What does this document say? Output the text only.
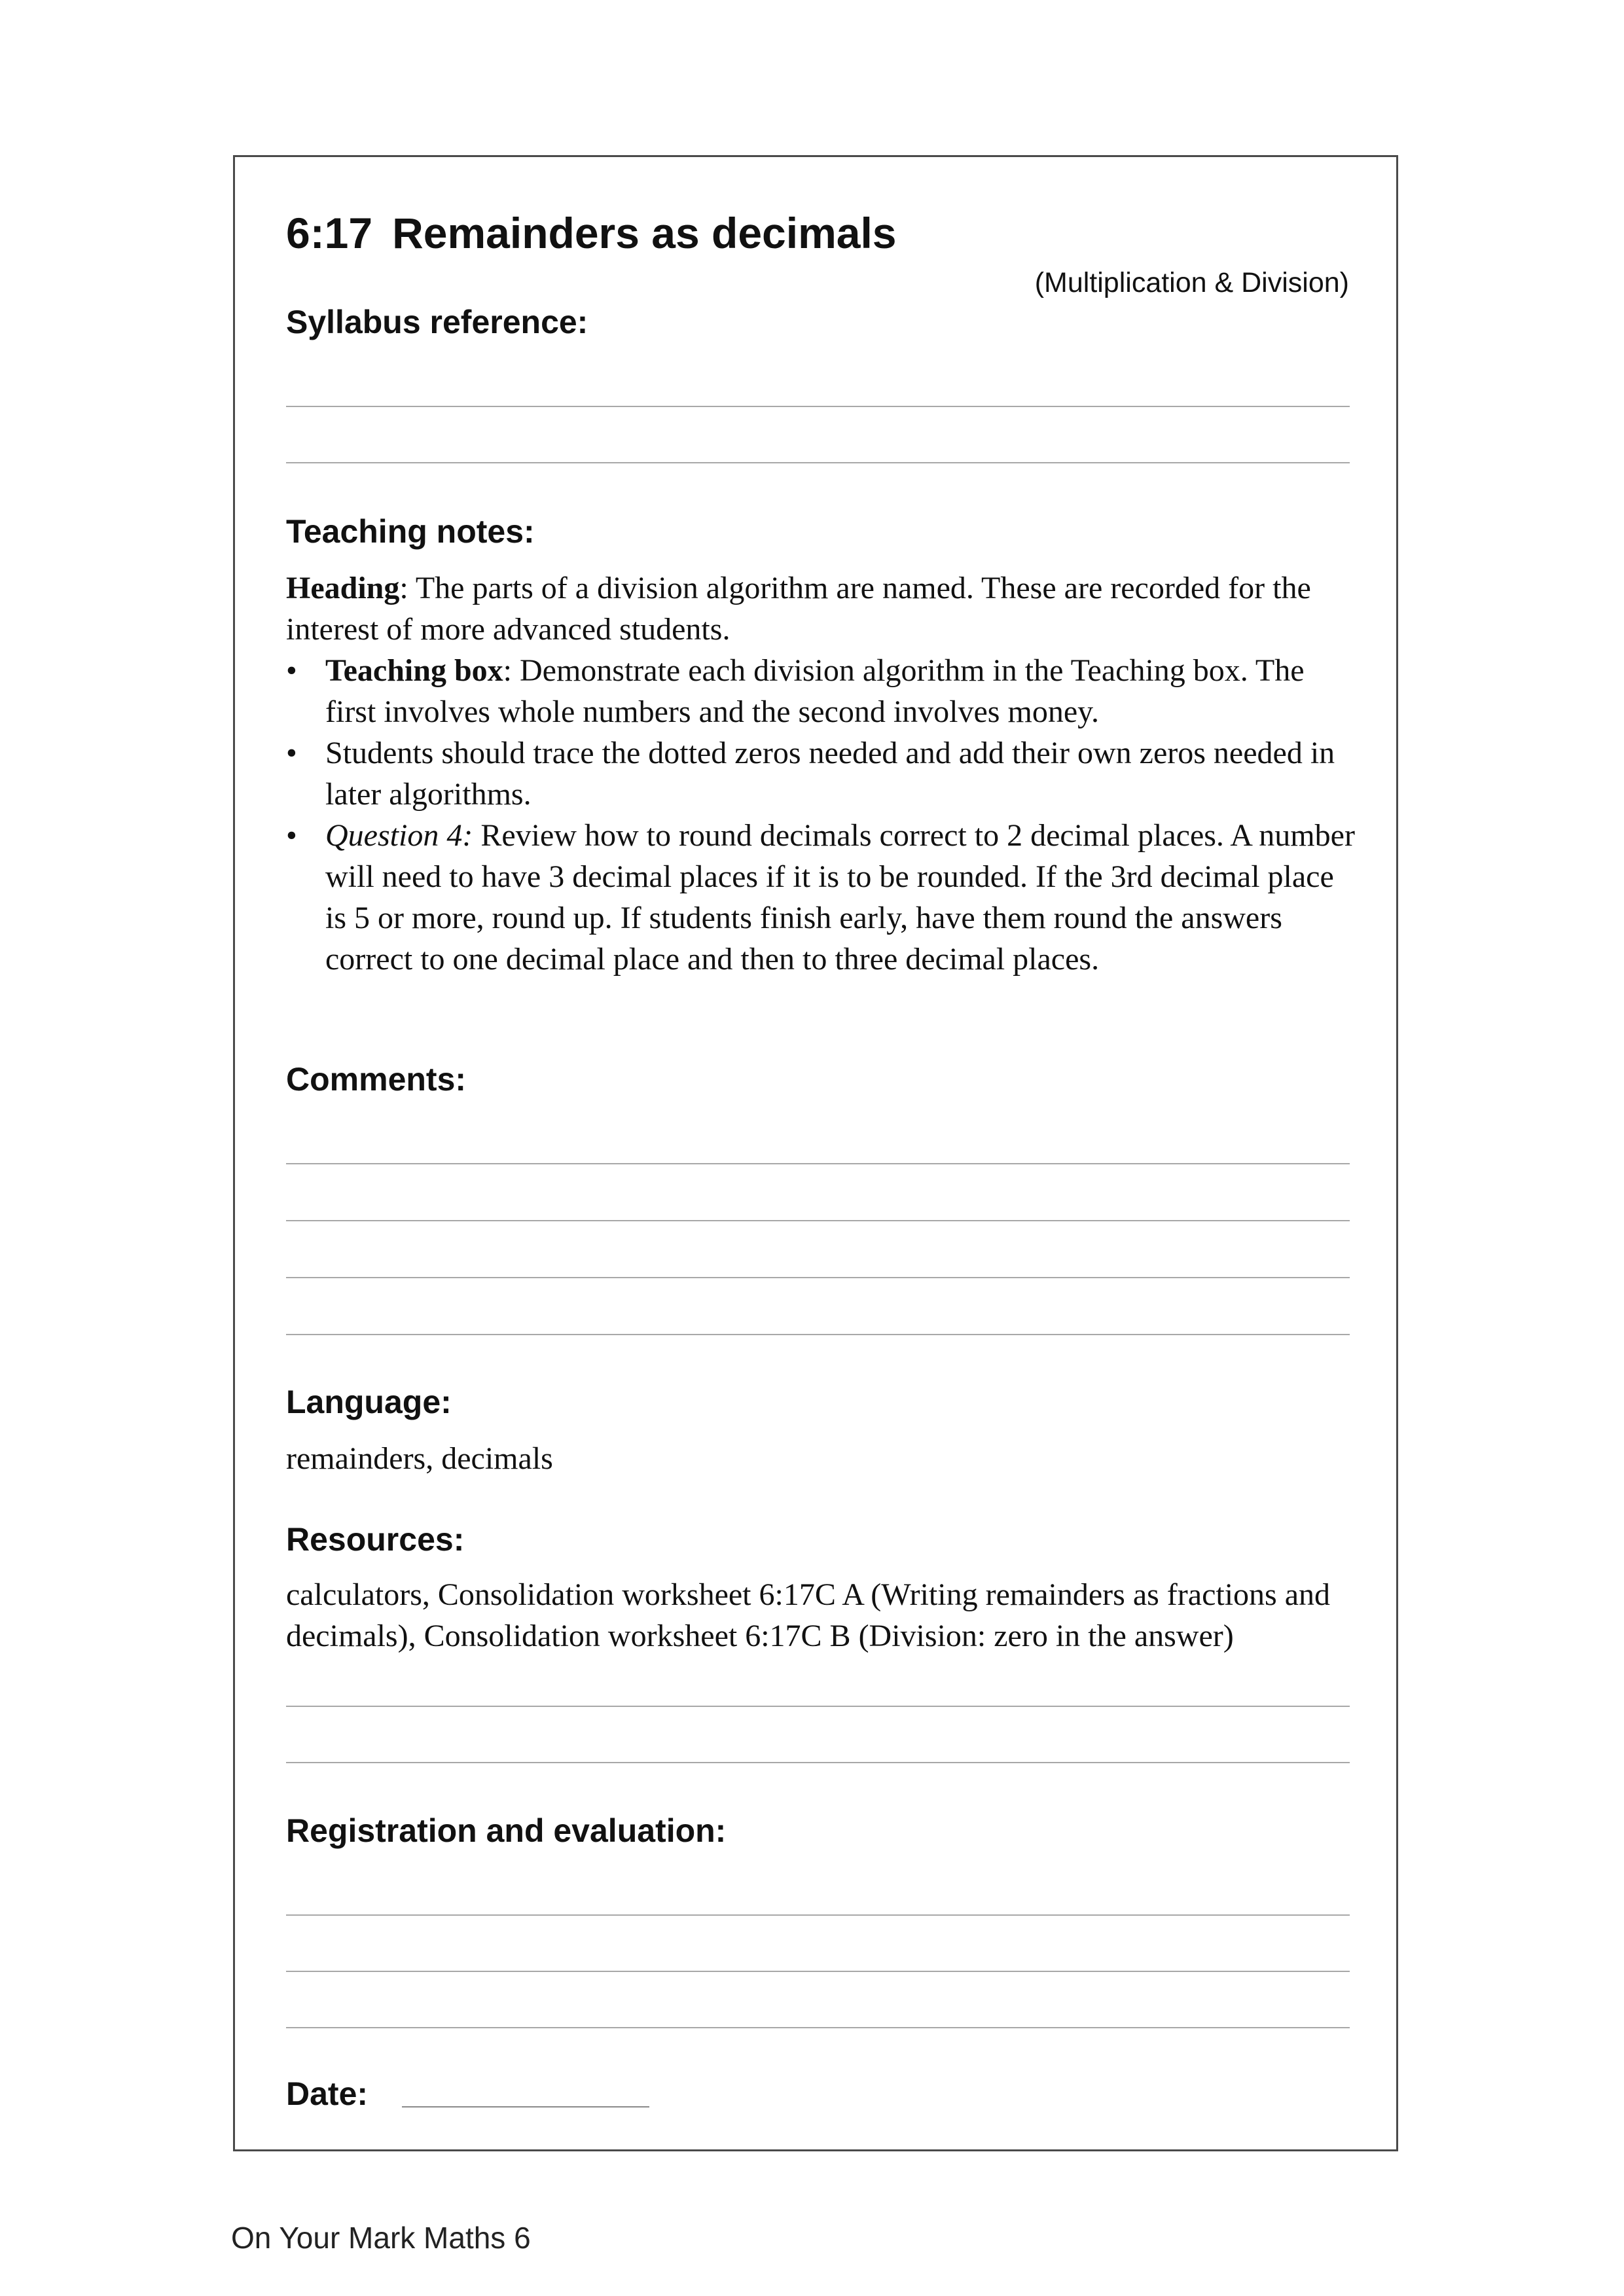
6:17 Remainders as decimals
(Multiplication & Division)
Syllabus reference:
Teaching notes:
Heading: The parts of a division algorithm are named. These are recorded for the interest of more advanced students.
• Teaching box: Demonstrate each division algorithm in the Teaching box. The first involves whole numbers and the second involves money.
• Students should trace the dotted zeros needed and add their own zeros needed in later algorithms.
• Question 4: Review how to round decimals correct to 2 decimal places. A number will need to have 3 decimal places if it is to be rounded. If the 3rd decimal place is 5 or more, round up. If students finish early, have them round the answers correct to one decimal place and then to three decimal places.
Comments:
Language:
remainders, decimals
Resources:
calculators, Consolidation worksheet 6:17C A (Writing remainders as fractions and decimals), Consolidation worksheet 6:17C B (Division: zero in the answer)
Registration and evaluation:
Date:
On Your Mark Maths 6
